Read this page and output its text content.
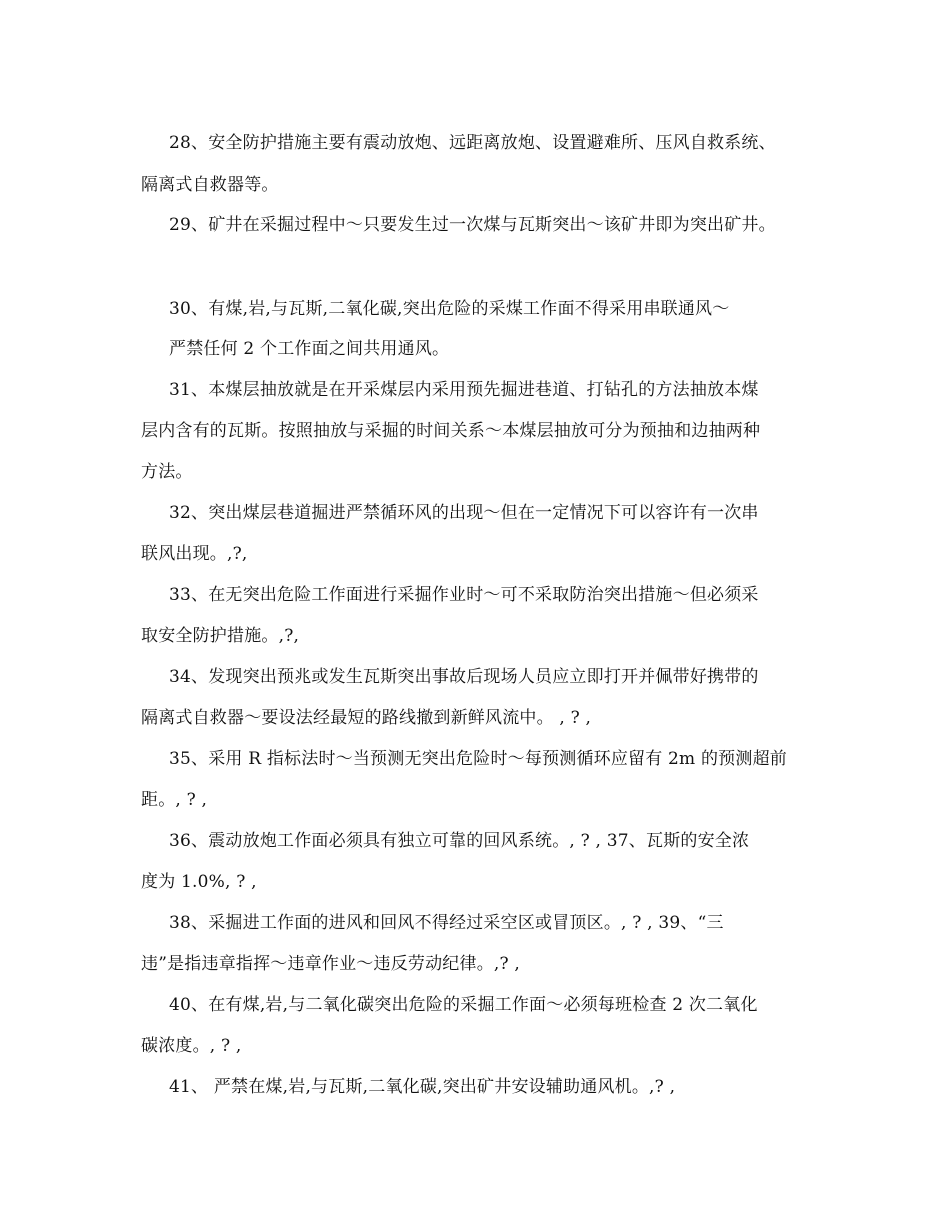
28、安全防护措施主要有震动放炮、远距离放炮、设置避难所、压风自救系统、
隔离式自救器等。
29、矿井在采掘过程中～只要发生过一次煤与瓦斯突出～该矿井即为突出矿井。
30、有煤,岩,与瓦斯,二氧化碳,突出危险的采煤工作面不得采用串联通风～
严禁任何 2 个工作面之间共用通风。
31、本煤层抽放就是在开采煤层内采用预先掘进巷道、打钻孔的方法抽放本煤
层内含有的瓦斯。按照抽放与采掘的时间关系～本煤层抽放可分为预抽和边抽两种
方法。
32、突出煤层巷道掘进严禁循环风的出现～但在一定情况下可以容许有一次串
联风出现。,?,
33、在无突出危险工作面进行采掘作业时～可不采取防治突出措施～但必须采
取安全防护措施。,?,
34、发现突出预兆或发生瓦斯突出事故后现场人员应立即打开并佩带好携带的
隔离式自救器～要设法经最短的路线撤到新鲜风流中。 , ? ,
35、采用 R 指标法时～当预测无突出危险时～每预测循环应留有 2m 的预测超前
距。, ? ,
36、震动放炮工作面必须具有独立可靠的回风系统。, ? , 37、瓦斯的安全浓
度为 1.0%, ? ,
38、采掘进工作面的进风和回风不得经过采空区或冒顶区。, ? , 39、“三
违”是指违章指挥～违章作业～违反劳动纪律。,? ,
40、在有煤,岩,与二氧化碳突出危险的采掘工作面～必须每班检查 2 次二氧化
碳浓度。, ? ,
41、 严禁在煤,岩,与瓦斯,二氧化碳,突出矿井安设辅助通风机。,? ,
